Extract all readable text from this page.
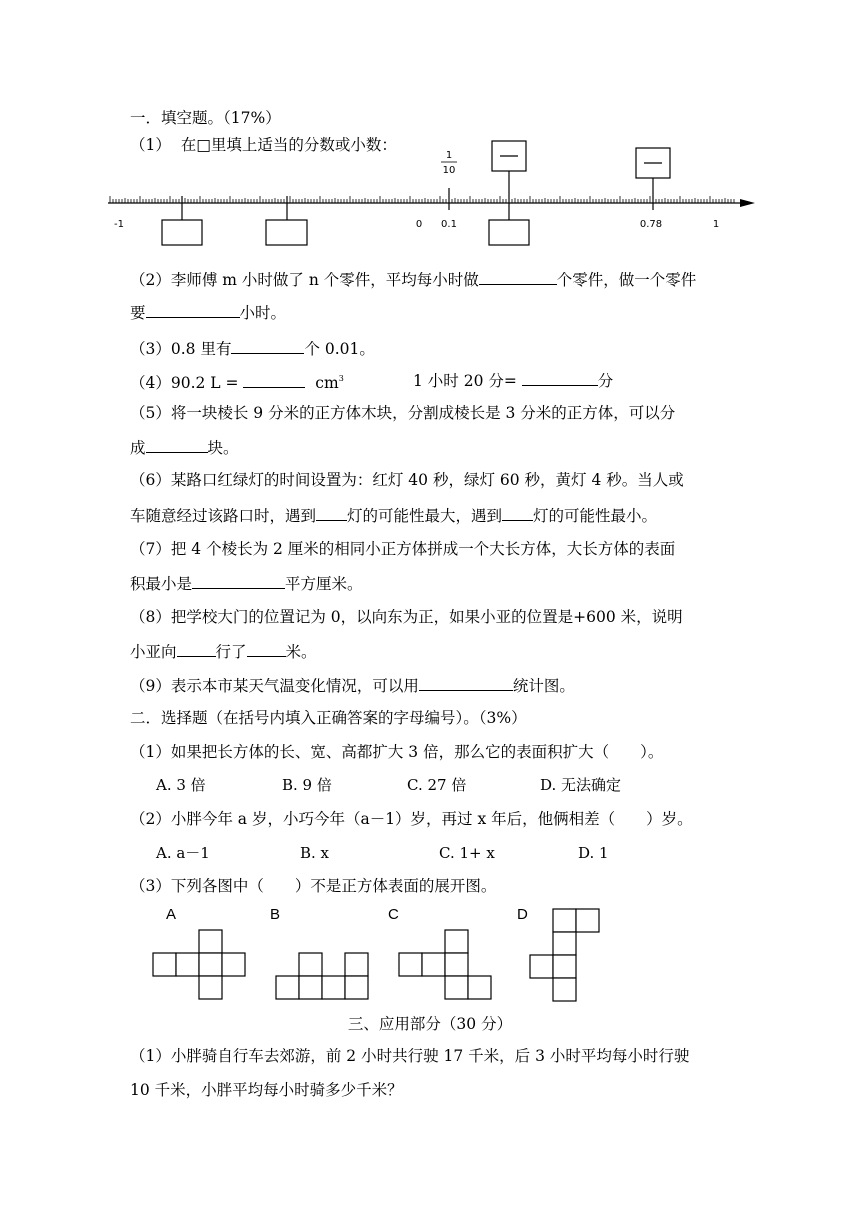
一．填空题。（17%）
（1） 在□里填上适当的分数或小数：
1
10
-1	0 0.1	0.78	1
（2）李师傅 m 小时做了 n 个零件，平均每小时做	个零件，做一个零件
要	小时。
（3）0.8 里有	个 0.01。
（4）90.2 L =	$cm^3$	1 小时 20 分=	分
（5）将一块棱长 9 分米的正方体木块，分割成棱长是 3 分米的正方体，可以分
成	块。
（6）某路口红绿灯的时间设置为：红灯 40 秒，绿灯 60 秒，黄灯 4 秒。当人或
车随意经过该路口时，遇到 灯的可能性最大，遇到 灯的可能性最小。
（7）把 4 个棱长为 2 厘米的相同小正方体拼成一个大长方体，大长方体的表面
积最小是	平方厘米。
（8）把学校大门的位置记为 0，以向东为正，如果小亚的位置是+600 米，说明
小亚向	行了	米。
（9）表示本市某天气温变化情况，可以用	统计图。
二．选择题（在括号内填入正确答案的字母编号）。（3%）
（1）如果把长方体的长、宽、高都扩大 3 倍，那么它的表面积扩大（　　）。
A. 3 倍	B. 9 倍	C. 27 倍	D. 无法确定
（2）小胖今年 a 岁，小巧今年（a－1）岁，再过 x 年后，他俩相差（　　）岁。
A. a－1	B. x	C. 1+ x	D. 1
（3）下列各图中（　　）不是正方体表面的展开图。
A	B	C	D
三、应用部分（30 分）
（1）小胖骑自行车去郊游，前 2 小时共行驶 17 千米，后 3 小时平均每小时行驶
10 千米，小胖平均每小时骑多少千米？
